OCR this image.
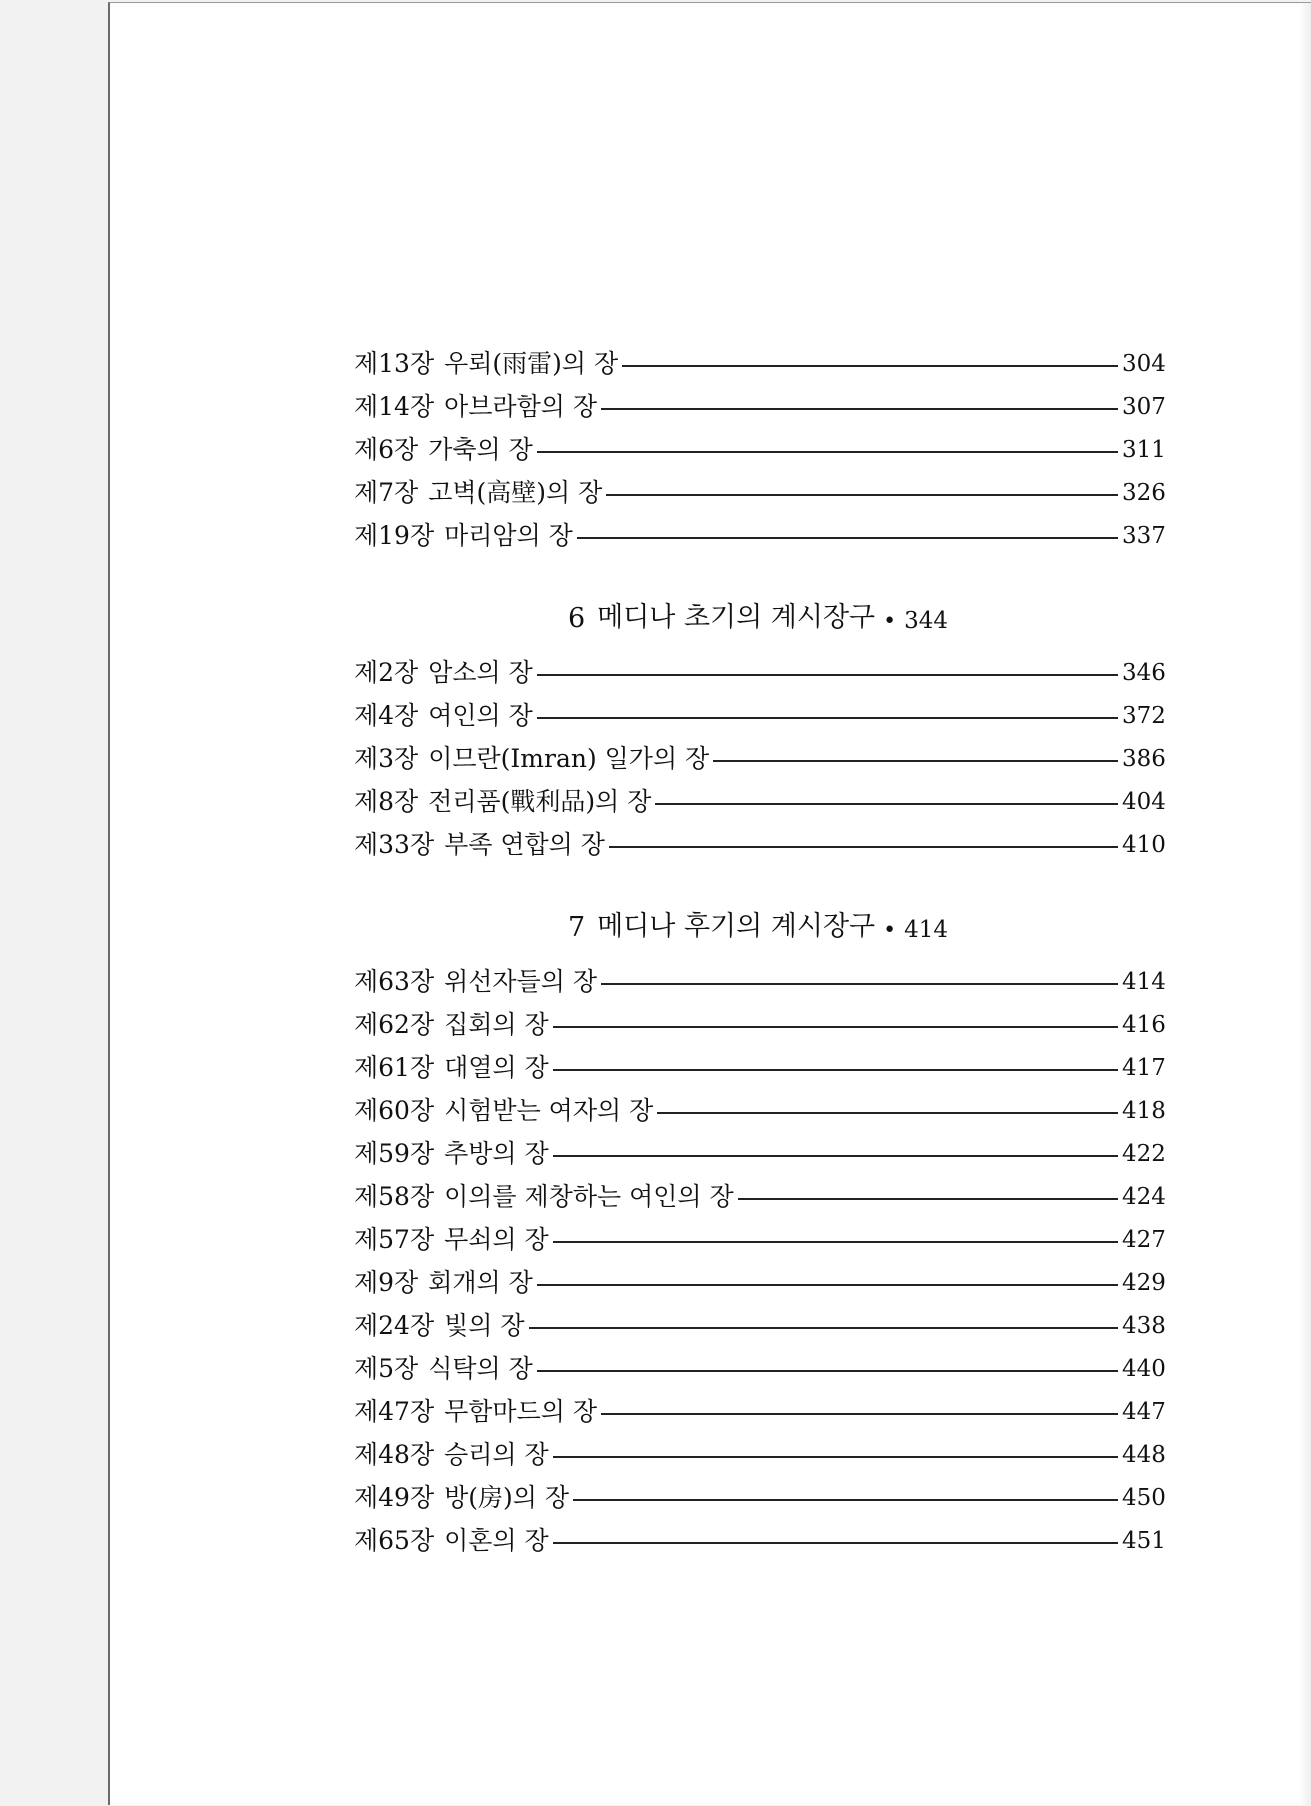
제13장 우뢰(雨雷)의 장	304
제14장 아브라함의 장	307
제6장 가축의 장	311
제7장 고벽(高壁)의 장	326
제19장 마리암의 장	337
6 메디나 초기의 계시장구 • 344
제2장 암소의 장	346
제4장 여인의 장	372
제3장 이므란(Imran) 일가의 장	386
제8장 전리품(戰利品)의 장	404
제33장 부족 연합의 장	410
7 메디나 후기의 계시장구 • 414
제63장 위선자들의 장	414
제62장 집회의 장	416
제61장 대열의 장	417
제60장 시험받는 여자의 장	418
제59장 추방의 장	422
제58장 이의를 제창하는 여인의 장	424
제57장 무쇠의 장	427
제9장 회개의 장	429
제24장 빛의 장	438
제5장 식탁의 장	440
제47장 무함마드의 장	447
제48장 승리의 장	448
제49장 방(房)의 장	450
제65장 이혼의 장	451
